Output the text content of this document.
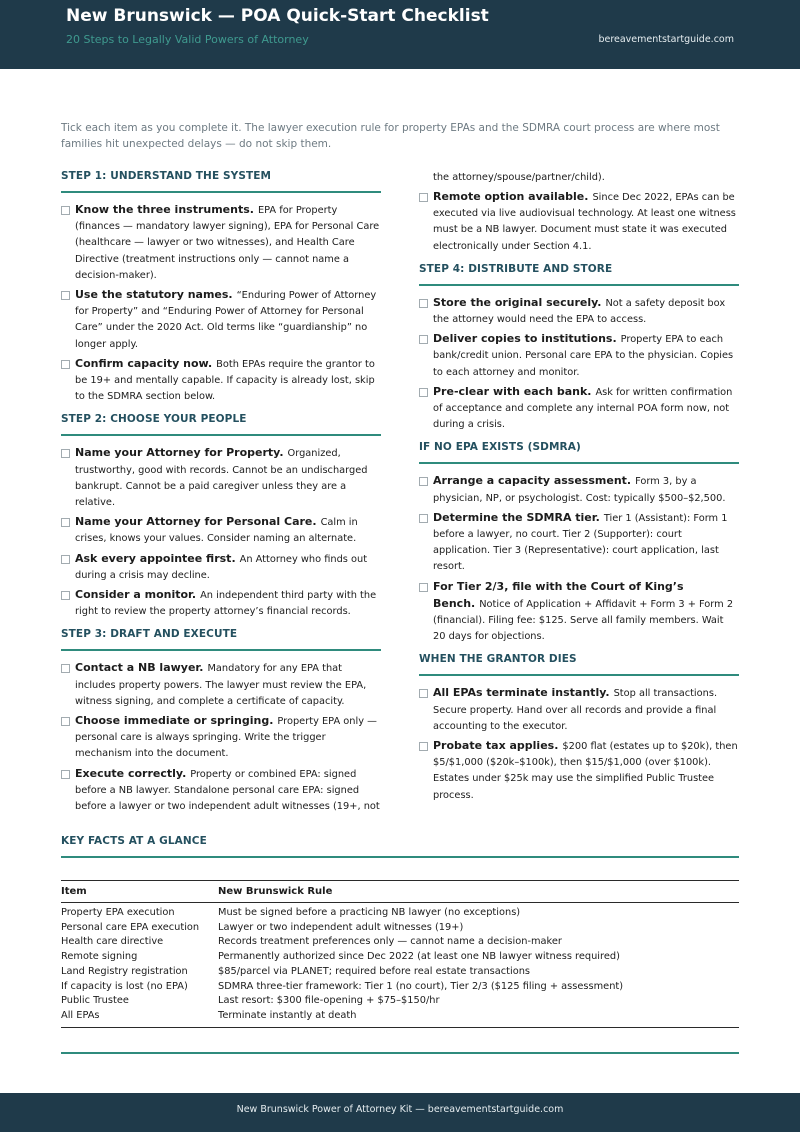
New Brunswick — POA Quick-Start Checklist
20 Steps to Legally Valid Powers of Attorney	bereavementstartguide.com
Tick each item as you complete it. The lawyer execution rule for property EPAs and the SDMRA court process are where most families hit unexpected delays — do not skip them.
STEP 1: UNDERSTAND THE SYSTEM
Know the three instruments. EPA for Property (finances — mandatory lawyer signing), EPA for Personal Care (healthcare — lawyer or two witnesses), and Health Care Directive (treatment instructions only — cannot name a decision-maker).
Use the statutory names. “Enduring Power of Attorney for Property” and “Enduring Power of Attorney for Personal Care” under the 2020 Act. Old terms like “guardianship” no longer apply.
Confirm capacity now. Both EPAs require the grantor to be 19+ and mentally capable. If capacity is already lost, skip to the SDMRA section below.
STEP 2: CHOOSE YOUR PEOPLE
Name your Attorney for Property. Organized, trustworthy, good with records. Cannot be an undischarged bankrupt. Cannot be a paid caregiver unless they are a relative.
Name your Attorney for Personal Care. Calm in crises, knows your values. Consider naming an alternate.
Ask every appointee first. An Attorney who finds out during a crisis may decline.
Consider a monitor. An independent third party with the right to review the property attorney’s financial records.
STEP 3: DRAFT AND EXECUTE
Contact a NB lawyer. Mandatory for any EPA that includes property powers. The lawyer must review the EPA, witness signing, and complete a certificate of capacity.
Choose immediate or springing. Property EPA only — personal care is always springing. Write the trigger mechanism into the document.
Execute correctly. Property or combined EPA: signed before a NB lawyer. Standalone personal care EPA: signed before a lawyer or two independent adult witnesses (19+, not
the attorney/spouse/partner/child).
Remote option available. Since Dec 2022, EPAs can be executed via live audiovisual technology. At least one witness must be a NB lawyer. Document must state it was executed electronically under Section 4.1.
STEP 4: DISTRIBUTE AND STORE
Store the original securely. Not a safety deposit box the attorney would need the EPA to access.
Deliver copies to institutions. Property EPA to each bank/credit union. Personal care EPA to the physician. Copies to each attorney and monitor.
Pre-clear with each bank. Ask for written confirmation of acceptance and complete any internal POA form now, not during a crisis.
IF NO EPA EXISTS (SDMRA)
Arrange a capacity assessment. Form 3, by a physician, NP, or psychologist. Cost: typically $500–$2,500.
Determine the SDMRA tier. Tier 1 (Assistant): Form 1 before a lawyer, no court. Tier 2 (Supporter): court application. Tier 3 (Representative): court application, last resort.
For Tier 2/3, file with the Court of King’s Bench. Notice of Application + Affidavit + Form 3 + Form 2 (financial). Filing fee: $125. Serve all family members. Wait 20 days for objections.
WHEN THE GRANTOR DIES
All EPAs terminate instantly. Stop all transactions. Secure property. Hand over all records and provide a final accounting to the executor.
Probate tax applies. $200 flat (estates up to $20k), then $5/$1,000 ($20k–$100k), then $15/$1,000 (over $100k). Estates under $25k may use the simplified Public Trustee process.
KEY FACTS AT A GLANCE
Item	New Brunswick Rule
Property EPA execution	Must be signed before a practicing NB lawyer (no exceptions)
Personal care EPA execution	Lawyer or two independent adult witnesses (19+)
Health care directive	Records treatment preferences only — cannot name a decision-maker
Remote signing	Permanently authorized since Dec 2022 (at least one NB lawyer witness required)
Land Registry registration	$85/parcel via PLANET; required before real estate transactions
If capacity is lost (no EPA)	SDMRA three-tier framework: Tier 1 (no court), Tier 2/3 ($125 filing + assessment)
Public Trustee	Last resort: $300 file-opening + $75–$150/hr
All EPAs	Terminate instantly at death
New Brunswick Power of Attorney Kit — bereavementstartguide.com
